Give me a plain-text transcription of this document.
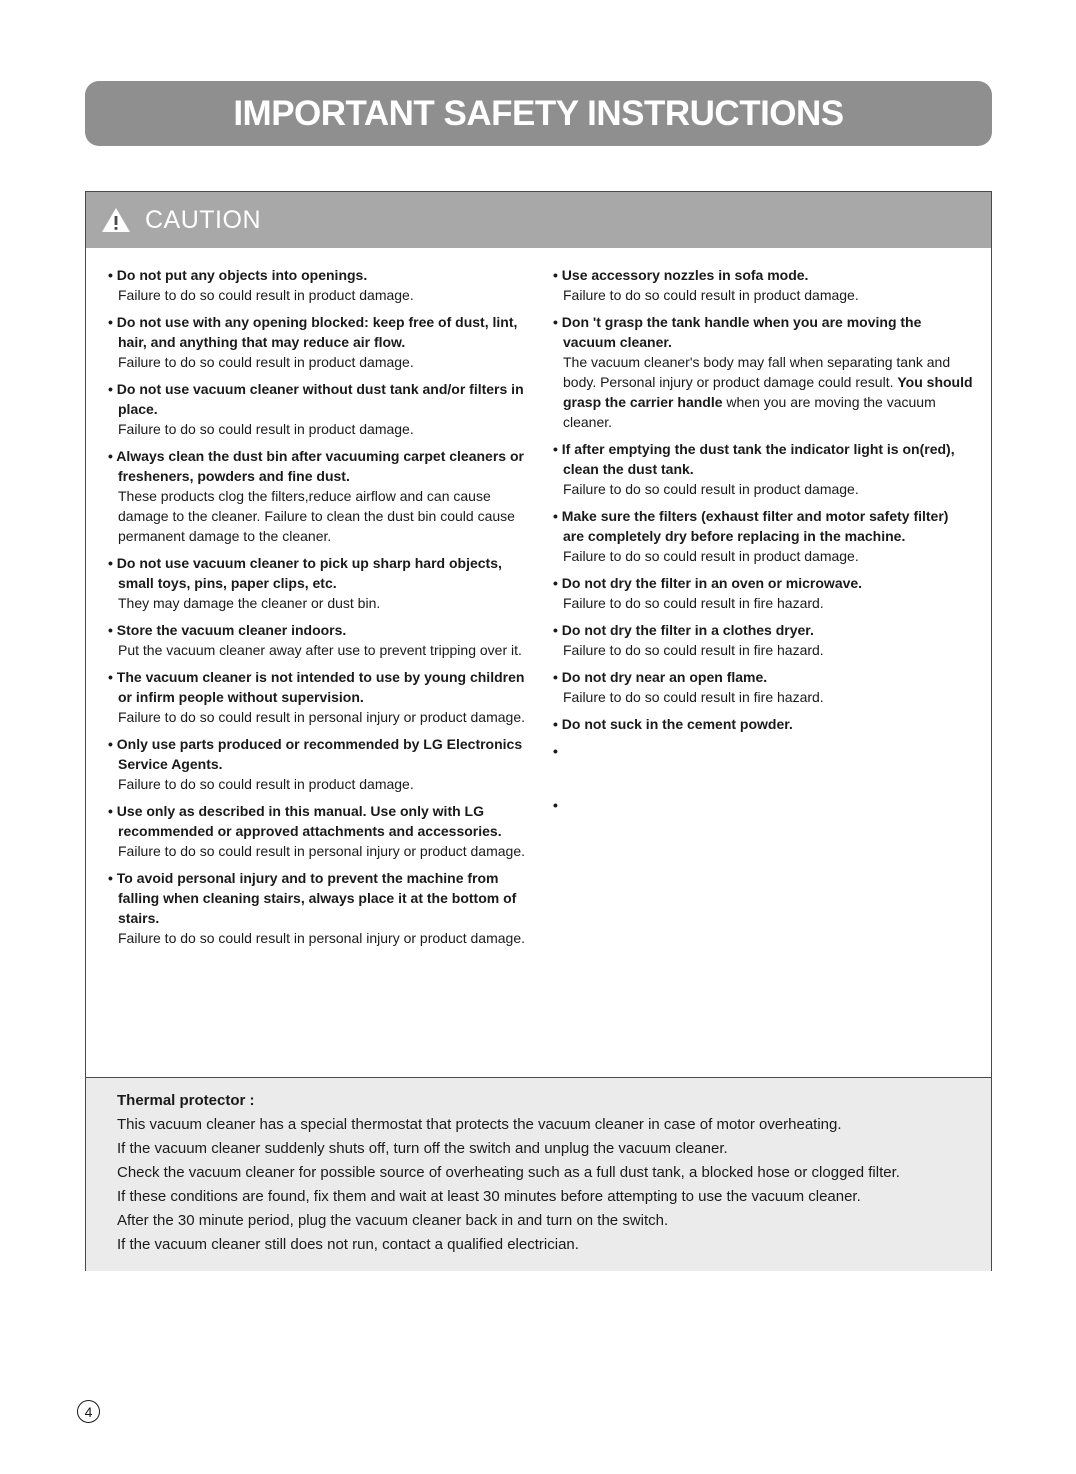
IMPORTANT SAFETY INSTRUCTIONS
CAUTION
• Do not put any objects into openings.
Failure to do so could result in product damage.
• Do not use with any opening blocked: keep free of dust, lint, hair, and anything that may reduce air flow.
Failure to do so could result in product damage.
• Do not use vacuum cleaner without dust tank and/or filters in place.
Failure to do so could result in product damage.
• Always clean the dust bin after vacuuming carpet cleaners or fresheners, powders and fine dust.
These products clog the filters,reduce airflow and can cause damage to the cleaner. Failure to clean the dust bin could cause permanent damage to the cleaner.
• Do not use vacuum cleaner to pick up sharp hard objects, small toys, pins, paper clips, etc.
They may damage the cleaner or dust bin.
• Store the vacuum cleaner indoors.
Put the vacuum cleaner away after use to prevent tripping over it.
• The vacuum cleaner is not intended to use by young children or infirm people without supervision.
Failure to do so could result in personal injury or product damage.
• Only use parts produced or recommended by LG Electronics Service Agents.
Failure to do so could result in product damage.
• Use only as described in this manual. Use only with LG recommended or approved attachments and accessories.
Failure to do so could result in personal injury or product damage.
• To avoid personal injury and to prevent the machine from falling when cleaning stairs, always place it at the bottom of stairs.
Failure to do so could result in personal injury or product damage.
• Use accessory nozzles in sofa mode.
Failure to do so could result in product damage.
• Don 't grasp the tank handle when you are moving the vacuum cleaner.
The vacuum cleaner's body may fall when separating tank and body. Personal injury or product damage could result. You should grasp the carrier handle when you are moving the vacuum cleaner.
• If after emptying the dust tank the indicator light is on(red), clean the dust tank.
Failure to do so could result in product damage.
• Make sure the filters (exhaust filter and motor safety filter) are completely dry before replacing in the machine.
Failure to do so could result in product damage.
• Do not dry the filter in an oven or microwave.
Failure to do so could result in fire hazard.
• Do not dry the filter in a clothes dryer.
Failure to do so could result in fire hazard.
• Do not dry near an open flame.
Failure to do so could result in fire hazard.
• Do not suck in the cement powder.
•
•
Thermal protector :
This vacuum cleaner has a special thermostat that protects the vacuum cleaner in case of motor overheating.
If the vacuum cleaner suddenly shuts off, turn off the switch and unplug the vacuum cleaner.
Check the vacuum cleaner for possible source of overheating such as a full dust tank, a blocked hose or clogged filter.
If these conditions are found, fix them and wait at least 30 minutes before attempting to use the vacuum cleaner.
After the 30 minute period, plug the vacuum cleaner back in and turn on the switch.
If the vacuum cleaner still does not run, contact a qualified electrician.
4
